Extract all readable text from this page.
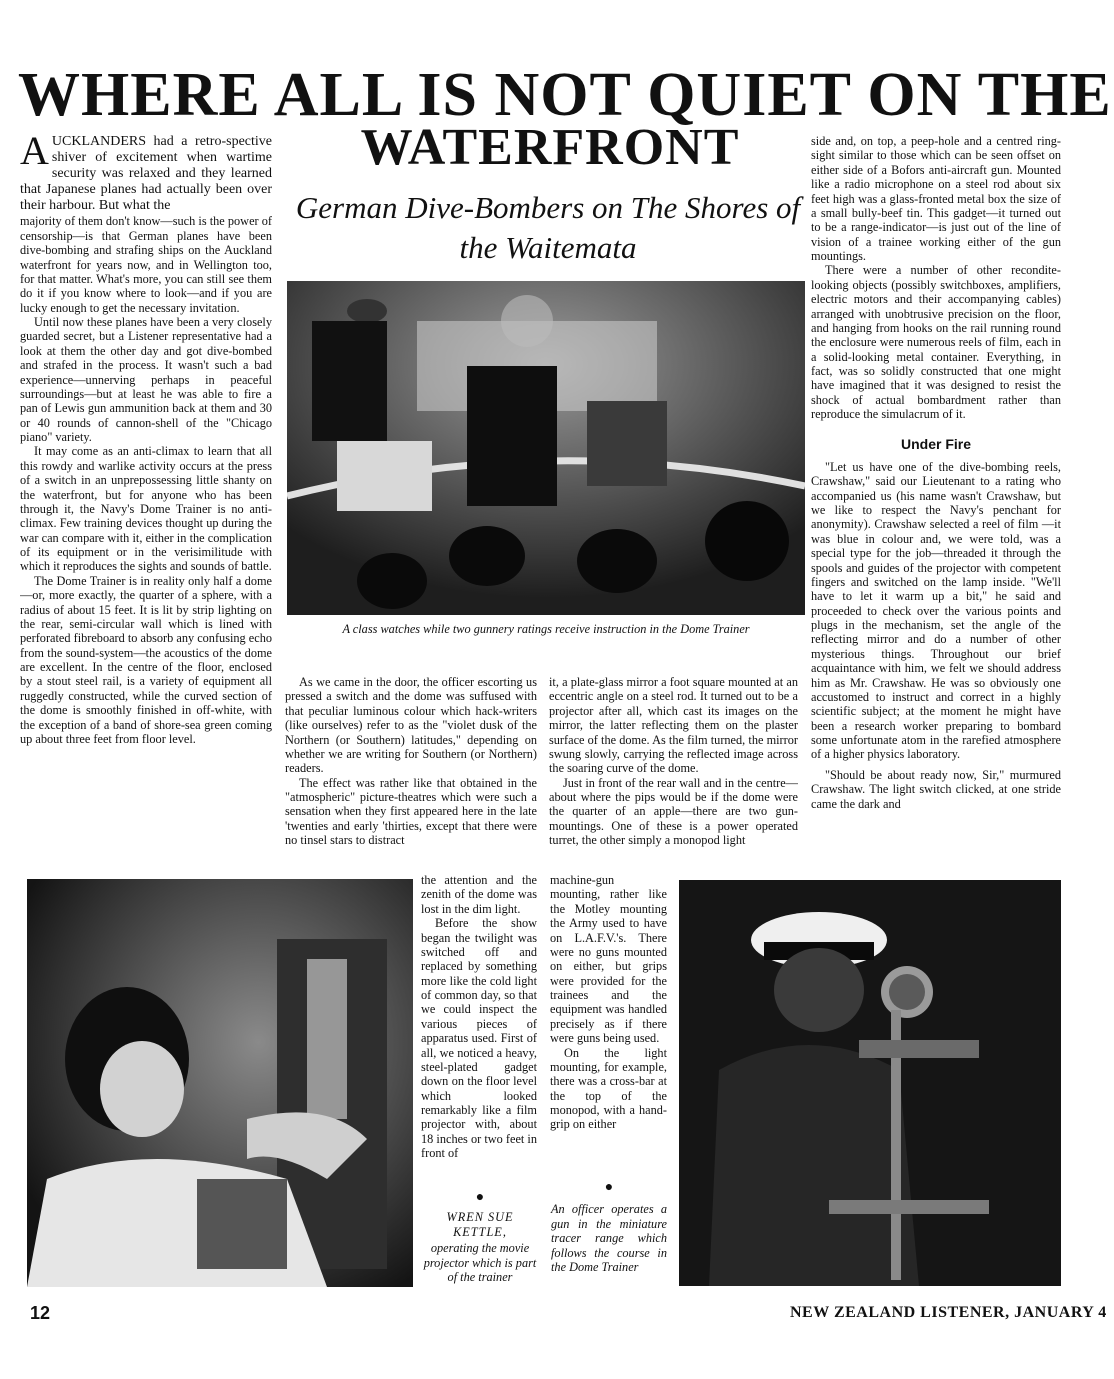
WHERE ALL IS NOT QUIET ON THE
WATERFRONT
German Dive-Bombers on The Shores of the Waitemata

AUCKLANDERS had a retro-spective shiver of excitement when wartime security was relaxed and they learned that Japanese planes had actually been over their harbour. But what the

majority of them don't know—such is the power of censorship—is that German planes have been dive-bombing and strafing ships on the Auckland waterfront for years now, and in Wellington too, for that matter. What's more, you can still see them do it if you know where to look—and if you are lucky enough to get the necessary invitation.

Until now these planes have been a very closely guarded secret, but a Listener representative had a look at them the other day and got dive-bombed and strafed in the process. It wasn't such a bad experience—unnerving perhaps in peaceful surroundings—but at least he was able to fire a pan of Lewis gun ammunition back at them and 30 or 40 rounds of cannon-shell of the "Chicago piano" variety.

It may come as an anti-climax to learn that all this rowdy and warlike activity occurs at the press of a switch in an unprepossessing little shanty on the waterfront, but for anyone who has been through it, the Navy's Dome Trainer is no anti-climax. Few training devices thought up during the war can compare with it, either in the complication of its equipment or in the verisimilitude with which it reproduces the sights and sounds of battle.

The Dome Trainer is in reality only half a dome—or, more exactly, the quarter of a sphere, with a radius of about 15 feet. It is lit by strip lighting on the rear, semi-circular wall which is lined with perforated fibreboard to absorb any confusing echo from the sound-system—the acoustics of the dome are excellent. In the centre of the floor, enclosed by a stout steel rail, is a variety of equipment all ruggedly constructed, while the curved section of the dome is smoothly finished in off-white, with the exception of a band of shore-sea green coming up about three feet from floor level.

A class watches while two gunnery ratings receive instruction in the Dome Trainer

As we came in the door, the officer escorting us pressed a switch and the dome was suffused with that peculiar luminous colour which hack-writers (like ourselves) refer to as the "violet dusk of the Northern (or Southern) latitudes," depending on whether we are writing for Southern (or Northern) readers.

The effect was rather like that obtained in the "atmospheric" picture-theatres which were such a sensation when they first appeared here in the late 'twenties and early 'thirties, except that there were no tinsel stars to distract

the attention and the zenith of the dome was lost in the dim light.

Before the show began the twilight was switched off and replaced by something more like the cold light of common day, so that we could inspect the various pieces of apparatus used. First of all, we noticed a heavy, steel-plated gadget down on the floor level which looked remarkably like a film projector with, about 18 inches or two feet in front of

it, a plate-glass mirror a foot square mounted at an eccentric angle on a steel rod. It turned out to be a projector after all, which cast its images on the mirror, the latter reflecting them on the plaster surface of the dome. As the film turned, the mirror swung slowly, carrying the reflected image across the soaring curve of the dome.

Just in front of the rear wall and in the centre—about where the pips would be if the dome were the quarter of an apple—there are two gun-mountings. One of these is a power operated turret, the other simply a monopod light

machine-gun mounting, rather like the Motley mounting the Army used to have on L.A.F.V.'s. There were no guns mounted on either, but grips were provided for the trainees and the equipment was handled precisely as if there were guns being used.

On the light mounting, for example, there was a cross-bar at the top of the monopod, with a hand-grip on either

side and, on top, a peep-hole and a centred ring-sight similar to those which can be seen offset on either side of a Bofors anti-aircraft gun. Mounted like a radio microphone on a steel rod about six feet high was a glass-fronted metal box the size of a small bully-beef tin. This gadget—it turned out to be a range-indicator—is just out of the line of vision of a trainee working either of the gun mountings.

There were a number of other recondite-looking objects (possibly switchboxes, amplifiers, electric motors and their accompanying cables) arranged with unobtrusive precision on the floor, and hanging from hooks on the rail running round the enclosure were numerous reels of film, each in a solid-looking metal container. Everything, in fact, was so solidly constructed that one might have imagined that it was designed to resist the shock of actual bombardment rather than reproduce the simulacrum of it.

Under Fire

"Let us have one of the dive-bombing reels, Crawshaw," said our Lieutenant to a rating who accompanied us (his name wasn't Crawshaw, but we like to respect the Navy's penchant for anonymity). Crawshaw selected a reel of film —it was blue in colour and, we were told, was a special type for the job—threaded it through the spools and guides of the projector with competent fingers and switched on the lamp inside. "We'll have to let it warm up a bit," he said and proceeded to check over the various points and plugs in the mechanism, set the angle of the reflecting mirror and do a number of other mysterious things. Throughout our brief acquaintance with him, we felt we should address him as Mr. Crawshaw. He was so obviously one accustomed to instruct and correct in a highly scientific subject; at the moment he might have been a research worker preparing to bombard some unfortunate atom in the rarefied atmosphere of a higher physics laboratory.

"Should be about ready now, Sir," murmured Crawshaw. The light switch clicked, at one stride came the dark and

●
WREN SUE KETTLE,
operating the movie projector which is part of the trainer
●
An officer operates a gun in the miniature tracer range which follows the course in the Dome Trainer
12	NEW ZEALAND LISTENER, JANUARY 4
